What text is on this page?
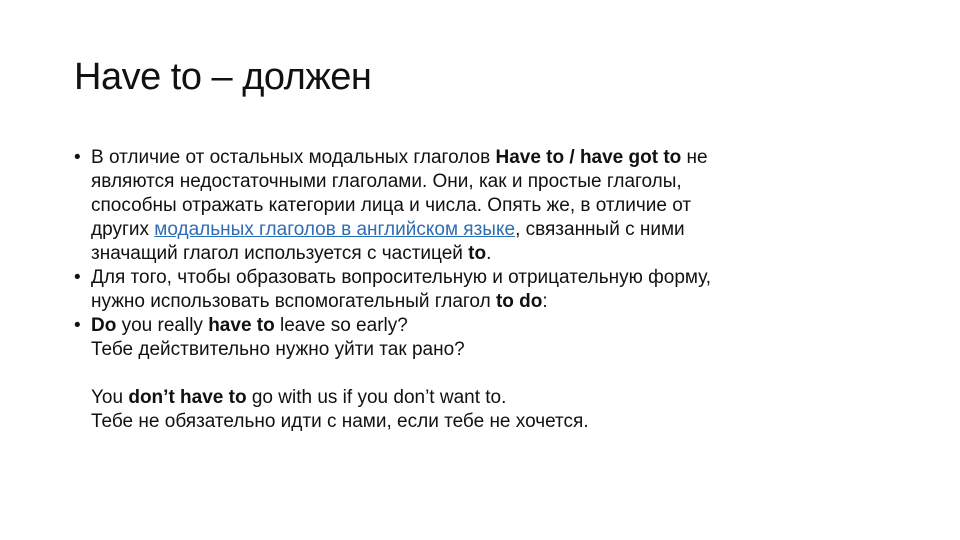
Have to – должен
• В отличие от остальных модальных глаголов Have to / have got to не
являются недостаточными глаголами. Они, как и простые глаголы,
способны отражать категории лица и числа. Опять же, в отличие от
других модальных глаголов в английском языке, связанный с ними
значащий глагол используется с частицей to.
• Для того, чтобы образовать вопросительную и отрицательную форму,
нужно использовать вспомогательный глагол to do:
• Do you really have to leave so early?
Тебе действительно нужно уйти так рано?
You don’t have to go with us if you don’t want to.
Тебе не обязательно идти с нами, если тебе не хочется.
